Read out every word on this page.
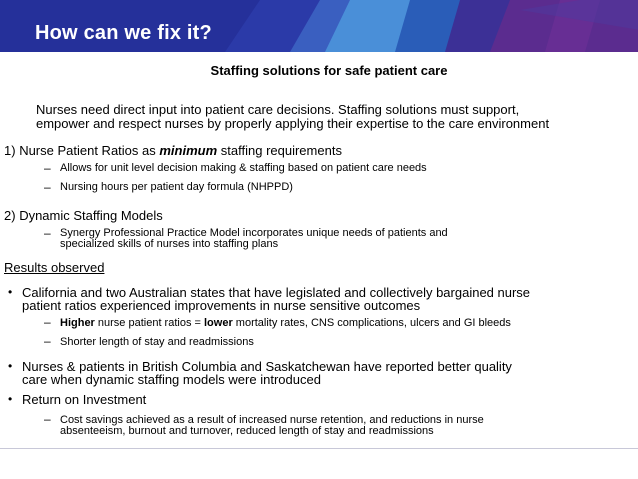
How can we fix it?
Staffing solutions for safe patient care
Nurses need direct input into patient care decisions. Staffing solutions must support,
empower and respect nurses by properly applying their expertise to the care environment
1) Nurse Patient Ratios as minimum staffing requirements
– Allows for unit level decision making & staffing based on patient care needs
– Nursing hours per patient day formula (NHPPD)
2) Dynamic Staffing Models
– Synergy Professional Practice Model incorporates unique needs of patients and
specialized skills of nurses into staffing plans
Results observed
• California and two Australian states that have legislated and collectively bargained nurse
patient ratios experienced improvements in nurse sensitive outcomes
– Higher nurse patient ratios = lower mortality rates, CNS complications, ulcers and GI bleeds
– Shorter length of stay and readmissions
• Nurses & patients in British Columbia and Saskatchewan have reported better quality
care when dynamic staffing models were introduced
• Return on Investment
– Cost savings achieved as a result of increased nurse retention, and reductions in nurse
absenteeism, burnout and turnover, reduced length of stay and readmissions
